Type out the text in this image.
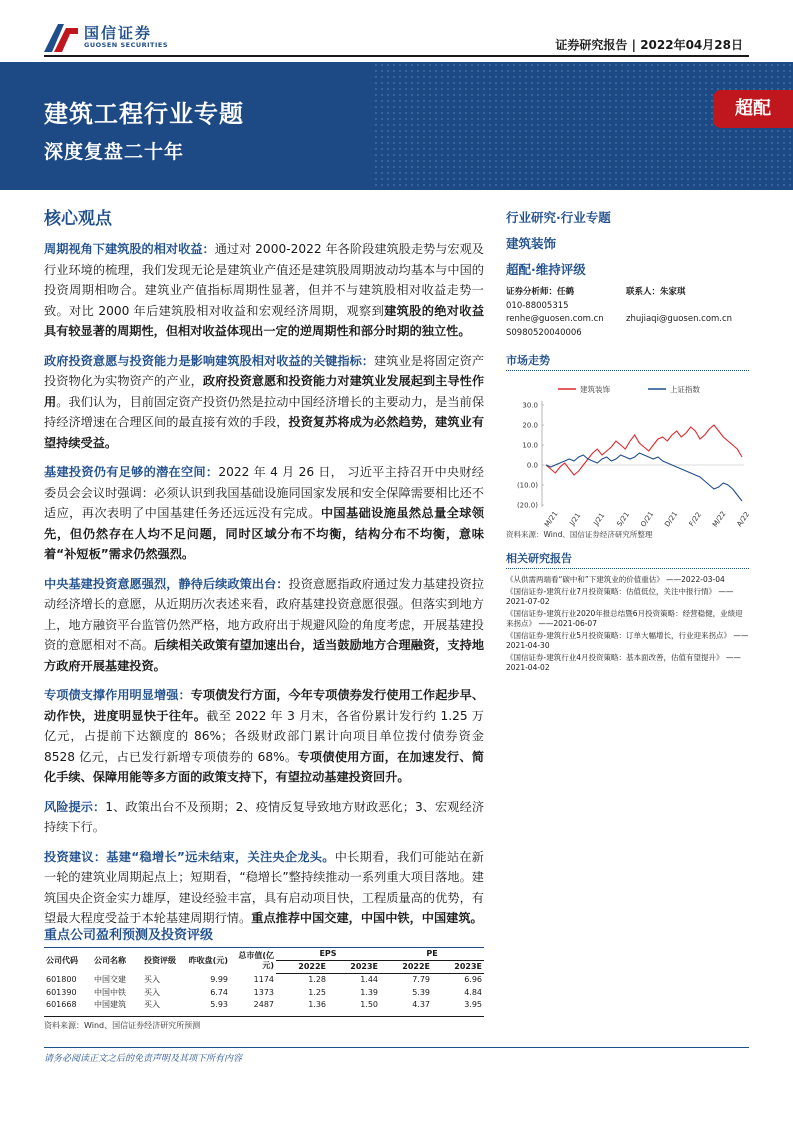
国信证券
GUOSEN SECURITIES	证券研究报告 | 2022年04月28日
建筑工程行业专题
深度复盘二十年
超配
核心观点

周期视角下建筑股的相对收益：通过对 2000-2022 年各阶段建筑股走势与宏观及行业环境的梳理，我们发现无论是建筑业产值还是建筑股周期波动均基本与中国的投资周期相吻合。建筑业产值指标周期性显著，但并不与建筑股相对收益走势一致。对比 2000 年后建筑股相对收益和宏观经济周期，观察到建筑股的绝对收益具有较显著的周期性，但相对收益体现出一定的逆周期性和部分时期的独立性。

政府投资意愿与投资能力是影响建筑股相对收益的关键指标：建筑业是将固定资产投资物化为实物资产的产业，政府投资意愿和投资能力对建筑业发展起到主导性作用。我们认为，目前固定资产投资仍然是拉动中国经济增长的主要动力，是当前保持经济增速在合理区间的最直接有效的手段，投资复苏将成为必然趋势，建筑业有望持续受益。

基建投资仍有足够的潜在空间：2022 年 4 月 26 日， 习近平主持召开中央财经委员会会议时强调：必须认识到我国基础设施同国家发展和安全保障需要相比还不适应，再次表明了中国基建任务还远远没有完成。中国基础设施虽然总量全球领先，但仍然存在人均不足问题，同时区域分布不均衡，结构分布不均衡，意味着“补短板”需求仍然强烈。

中央基建投资意愿强烈，静待后续政策出台：投资意愿指政府通过发力基建投资拉动经济增长的意愿，从近期历次表述来看，政府基建投资意愿很强。但落实到地方上，地方融资平台监管仍然严格，地方政府出于规避风险的角度考虑，开展基建投资的意愿相对不高。后续相关政策有望加速出台，适当鼓励地方合理融资，支持地方政府开展基建投资。

专项债支撑作用明显增强：专项债发行方面，今年专项债券发行使用工作起步早、动作快，进度明显快于往年。截至 2022 年 3 月末，各省份累计发行约 1.25 万亿元，占提前下达额度的 86%；各级财政部门累计向项目单位拨付债券资金 8528 亿元，占已发行新增专项债券的 68%。专项债使用方面，在加速发行、简化手续、保障用能等多方面的政策支持下，有望拉动基建投资回升。

风险提示：1、政策出台不及预期；2、疫情反复导致地方财政恶化；3、宏观经济持续下行。

投资建议：基建“稳增长”远未结束，关注央企龙头。中长期看，我们可能站在新一轮的建筑业周期起点上；短期看，“稳增长”整持续推动一系列重大项目落地。建筑国央企资金实力雄厚，建设经验丰富，具有启动项目快，工程质量高的优势，有望最大程度受益于本轮基建周期行情。重点推荐中国交建，中国中铁，中国建筑。

重点公司盈利预测及投资评级
公司代码	公司名称	投资评级	昨收盘(元)	总市值(亿元)	EPS		PE	
					2022E	2023E	2022E	2023E
601800	中国交建	买入	9.99	1174	1.28	1.44	7.79	6.96
601390	中国中铁	买入	6.74	1373	1.25	1.39	5.39	4.84
601668	中国建筑	买入	5.93	2487	1.36	1.50	4.37	3.95
资料来源：Wind、国信证券经济研究所预测
行业研究·行业专题
建筑装饰
超配·维持评级
证券分析师：任鹤
010-88005315
renhe@guosen.com.cn
S0980520040006
联系人：朱家琪

zhujiaqi@guosen.com.cn
市场走势
建筑装饰	上证指数
30.0
20.0
10.0
0.0
(10.0)
(20.0)
M/21 J/21 J/21 S/21 O/21 D/21 F/22 M/22 A/22
资料来源：Wind、国信证券经济研究所整理
相关研究报告
《从供需两端看“碳中和”下建筑业的价值重估》 ——2022-03-04
《国信证券-建筑行业7月投资策略：估值低位，关注中报行情》 ——2021-07-02
《国信证券-建筑行业2020年报总结暨6月投资策略：经营稳健，业绩迎来拐点》 ——2021-06-07
《国信证券-建筑行业5月投资策略：订单大幅增长，行业迎来拐点》 ——2021-04-30
《国信证券-建筑行业4月投资策略：基本面改善，估值有望提升》 ——2021-04-02
请务必阅读正文之后的免责声明及其项下所有内容
